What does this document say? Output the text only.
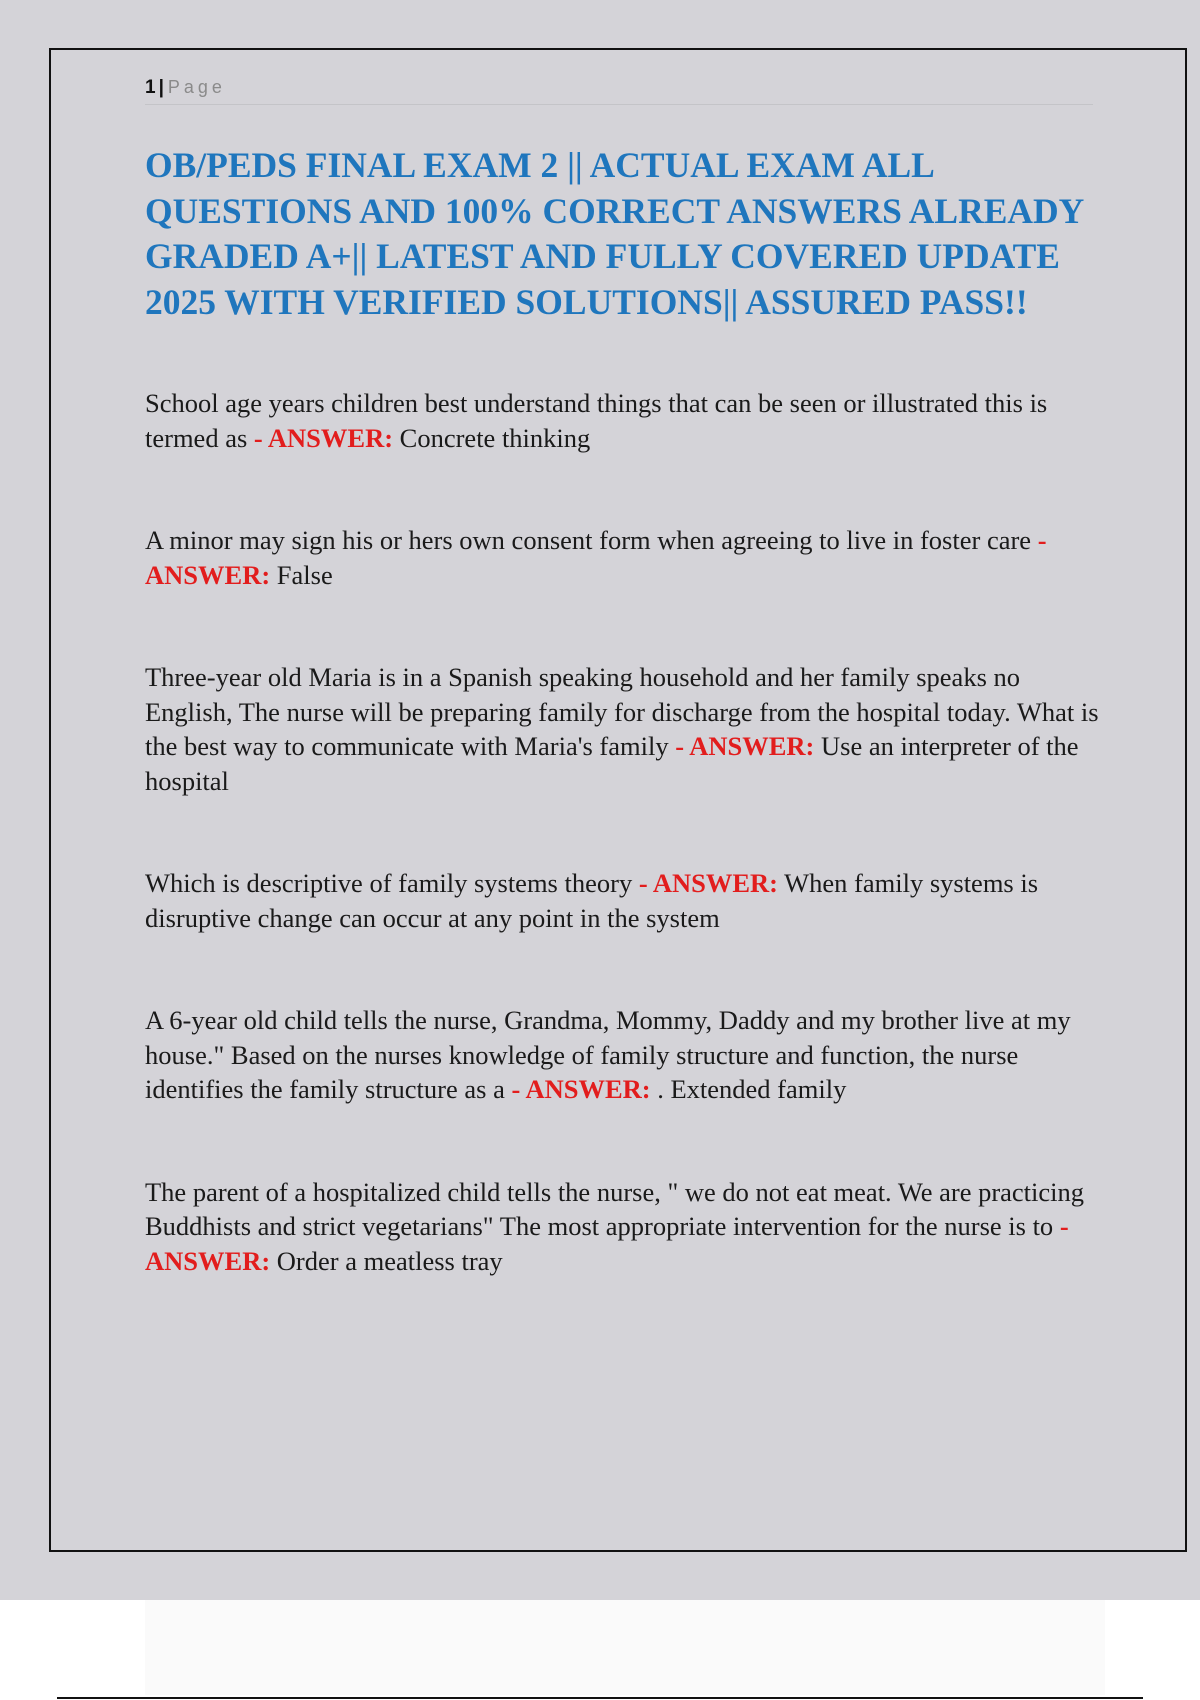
1 | Page
OB/PEDS FINAL EXAM 2 || ACTUAL EXAM ALL QUESTIONS AND 100% CORRECT ANSWERS ALREADY GRADED A+|| LATEST AND FULLY COVERED UPDATE 2025 WITH VERIFIED SOLUTIONS|| ASSURED PASS!!

School age years children best understand things that can be seen or illustrated this is termed as - ANSWER: Concrete thinking

A minor may sign his or hers own consent form when agreeing to live in foster care - ANSWER: False

Three-year old Maria is in a Spanish speaking household and her family speaks no English, The nurse will be preparing family for discharge from the hospital today. What is the best way to communicate with Maria's family - ANSWER: Use an interpreter of the hospital

Which is descriptive of family systems theory - ANSWER: When family systems is disruptive change can occur at any point in the system

A 6-year old child tells the nurse, Grandma, Mommy, Daddy and my brother live at my house." Based on the nurses knowledge of family structure and function, the nurse identifies the family structure as a - ANSWER: . Extended family

The parent of a hospitalized child tells the nurse, " we do not eat meat. We are practicing Buddhists and strict vegetarians" The most appropriate intervention for the nurse is to - ANSWER: Order a meatless tray
